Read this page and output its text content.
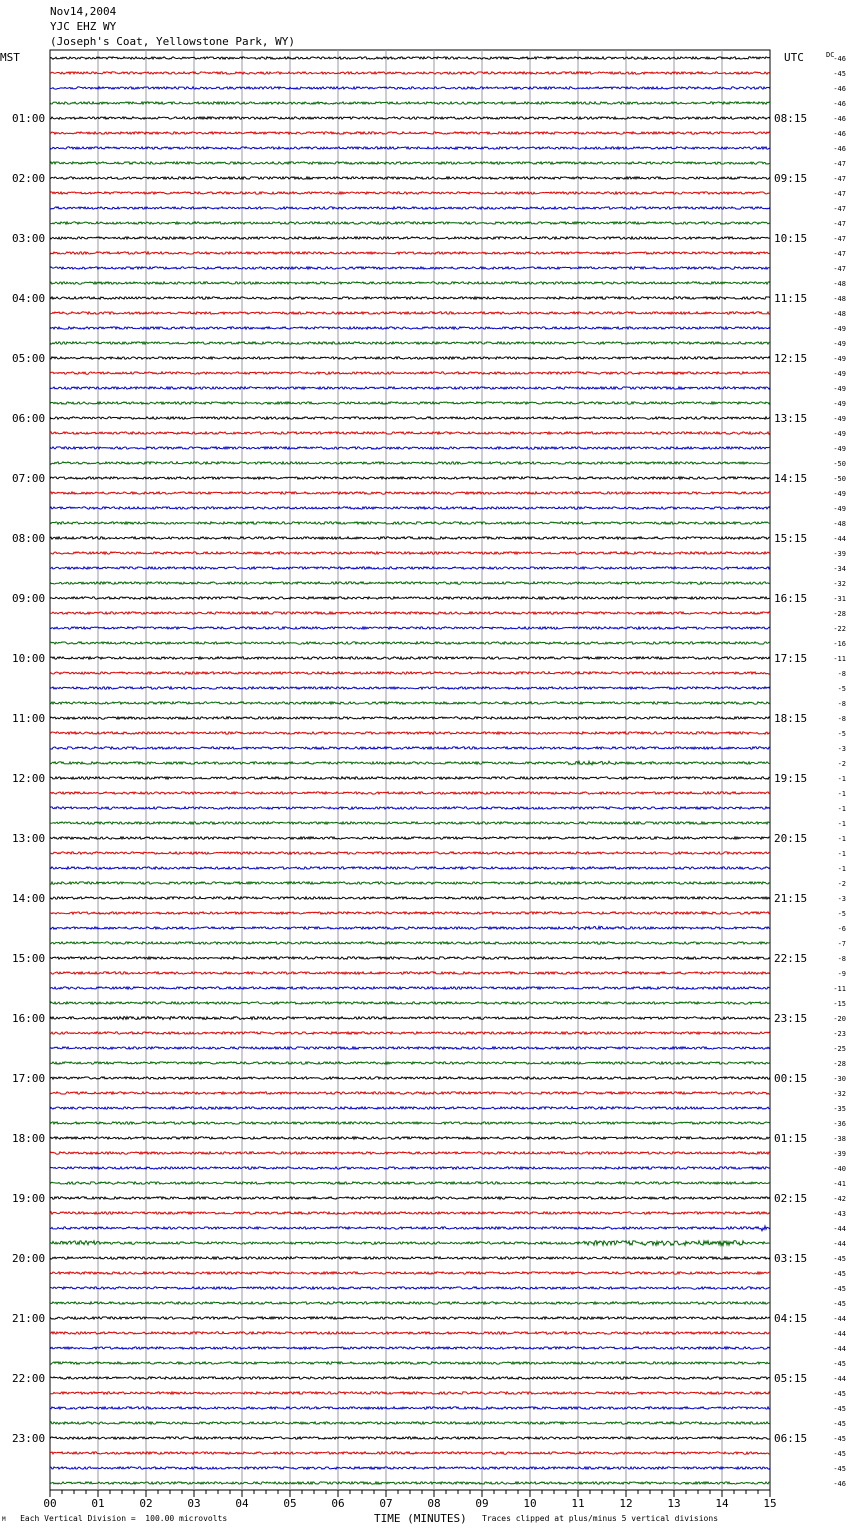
Nov14,2004
YJC EHZ WY
(Joseph's Coat, Yellowstone Park, WY)
MST	UTC	DC
01:00
02:00
03:00
04:00
05:00
06:00
07:00
08:00
09:00
10:00
11:00
12:00
13:00
14:00
15:00
16:00
17:00
18:00
19:00
20:00
21:00
22:00
23:00
08:15
09:15
10:15
11:15
12:15
13:15
14:15
15:15
16:15
17:15
18:15
19:15
20:15
21:15
22:15
23:15
00:15
01:15
02:15
03:15
04:15
05:15
06:15
-46
-45
-46
-46
-46
-46
-46
-47
-47
-47
-47
-47
-47
-47
-47
-48
-48
-48
-49
-49
-49
-49
-49
-49
-49
-49
-49
-50
-50
-49
-49
-48
-44
-39
-34
-32
-31
-28
-22
-16
-11
-8
-5
-8
-8
-5
-3
-2
-1
-1
-1
-1
-1
-1
-1
-2
-3
-5
-6
-7
-8
-9
-11
-15
-20
-23
-25
-28
-30
-32
-35
-36
-38
-39
-40
-41
-42
-43
-44
-44
-45
-45
-45
-45
-44
-44
-44
-45
-44
-45
-45
-45
-45
-45
-45
-46
00	01	02	03	04	05	06	07	08	09	10	11	12	13	14	15
M Each Vertical Division =  100.00 microvolts	TIME (MINUTES) Traces clipped at plus/minus 5 vertical divisions
